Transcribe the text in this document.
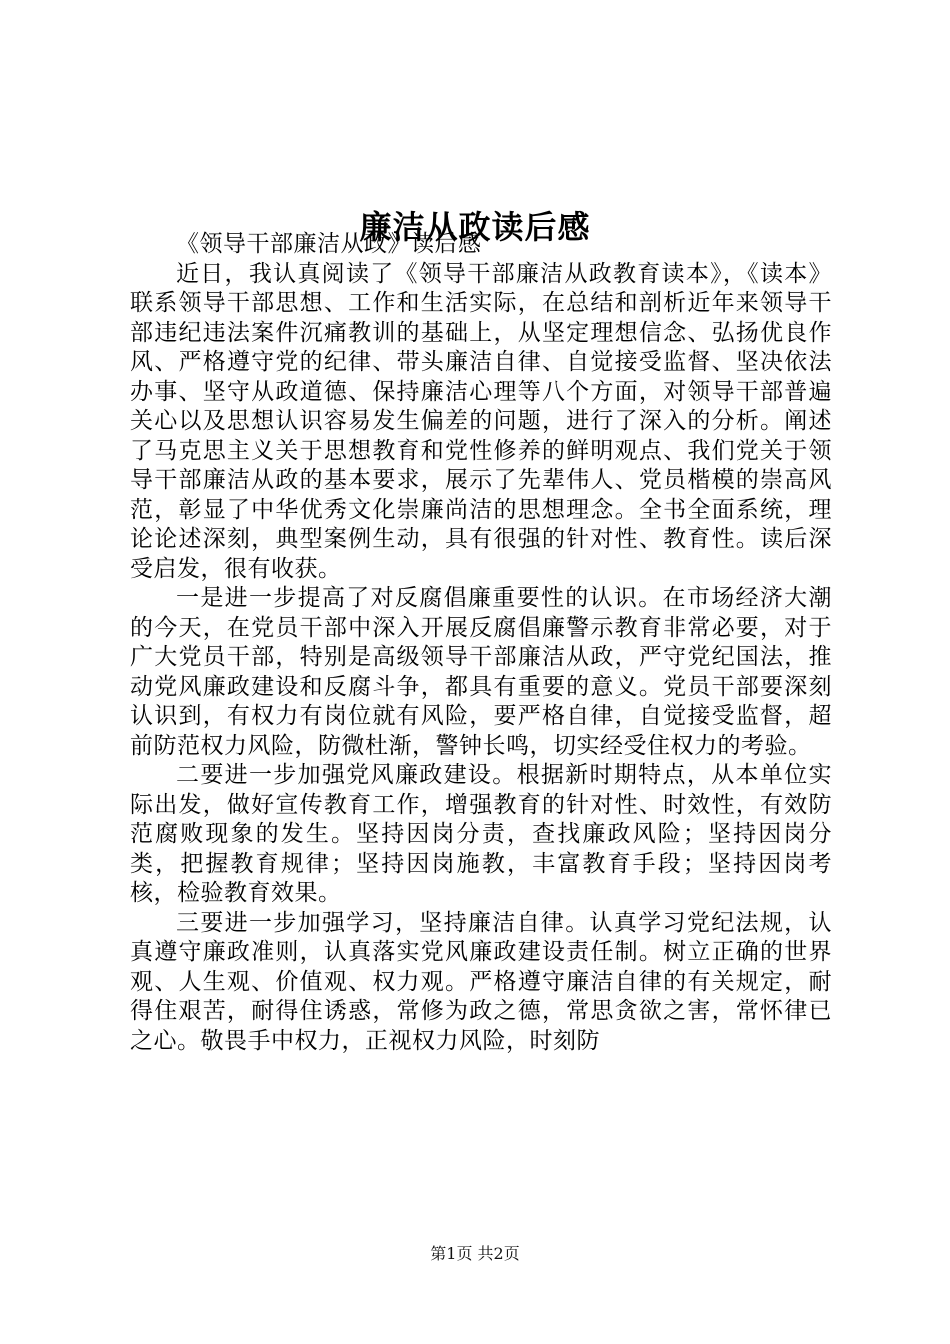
廉洁从政读后感

《领导干部廉洁从政》读后感

近日，我认真阅读了《领导干部廉洁从政教育读本》，《读本》联系领导干部思想、工作和生活实际，在总结和剖析近年来领导干部违纪违法案件沉痛教训的基础上，从坚定理想信念、弘扬优良作风、严格遵守党的纪律、带头廉洁自律、自觉接受监督、坚决依法办事、坚守从政道德、保持廉洁心理等八个方面，对领导干部普遍关心以及思想认识容易发生偏差的问题，进行了深入的分析。阐述了马克思主义关于思想教育和党性修养的鲜明观点、我们党关于领导干部廉洁从政的基本要求，展示了先辈伟人、党员楷模的崇高风范，彰显了中华优秀文化崇廉尚洁的思想理念。全书全面系统，理论论述深刻，典型案例生动，具有很强的针对性、教育性。读后深受启发，很有收获。

一是进一步提高了对反腐倡廉重要性的认识。在市场经济大潮的今天，在党员干部中深入开展反腐倡廉警示教育非常必要，对于广大党员干部，特别是高级领导干部廉洁从政，严守党纪国法，推动党风廉政建设和反腐斗争，都具有重要的意义。党员干部要深刻认识到，有权力有岗位就有风险，要严格自律，自觉接受监督，超前防范权力风险，防微杜渐，警钟长鸣，切实经受住权力的考验。

二要进一步加强党风廉政建设。根据新时期特点，从本单位实际出发，做好宣传教育工作，增强教育的针对性、时效性，有效防范腐败现象的发生。坚持因岗分责，查找廉政风险；坚持因岗分类，把握教育规律；坚持因岗施教，丰富教育手段；坚持因岗考核，检验教育效果。

三要进一步加强学习，坚持廉洁自律。认真学习党纪法规，认真遵守廉政准则，认真落实党风廉政建设责任制。树立正确的世界观、人生观、价值观、权力观。严格遵守廉洁自律的有关规定，耐得住艰苦，耐得住诱惑，常修为政之德，常思贪欲之害，常怀律已之心。敬畏手中权力，正视权力风险，时刻防

第1页 共2页
